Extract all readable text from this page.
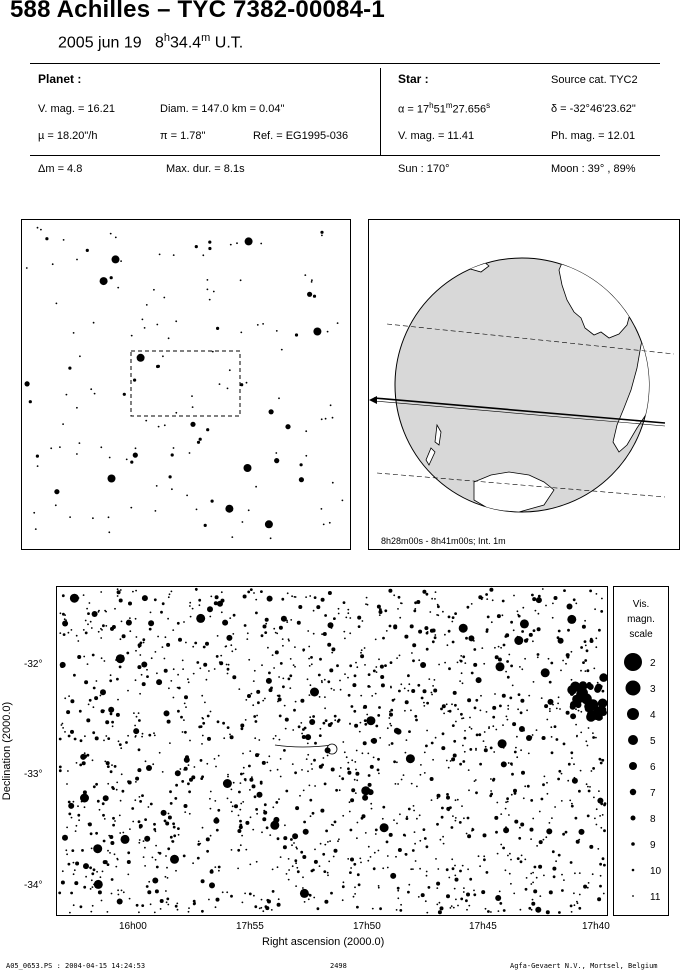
588 Achilles – TYC 7382-00084-1
2005 jun 19 8$^h$34.4$^m$ U.T.
Planet :
V. mag. = 16.21	Diam. = 147.0 km = 0.04"
µ = 18.20"/h	π = 1.78"	Ref. = EG1995-036
Star :	Source cat. TYC2
$\alpha = 17^h51^m27.656^s$	δ = -32°46'23.62"
V. mag. = 11.41	Ph. mag. = 12.01
Δm = 4.8	Max. dur. = 8.1s	Sun : 170°	Moon : 39° , 89%
8h28m00s - 8h41m00s; Int. 1m
Declination (2000.0)
-32°
-33°
-34°
16h00	17h55	17h50	17h45	17h40
Right ascension (2000.0)
Vis.
magn.
scale
2
3
4
5
6
7
8
9
10
11
A05_0653.PS : 2004-04-15 14:24:53	2498	Agfa-Gevaert N.V., Mortsel, Belgium
